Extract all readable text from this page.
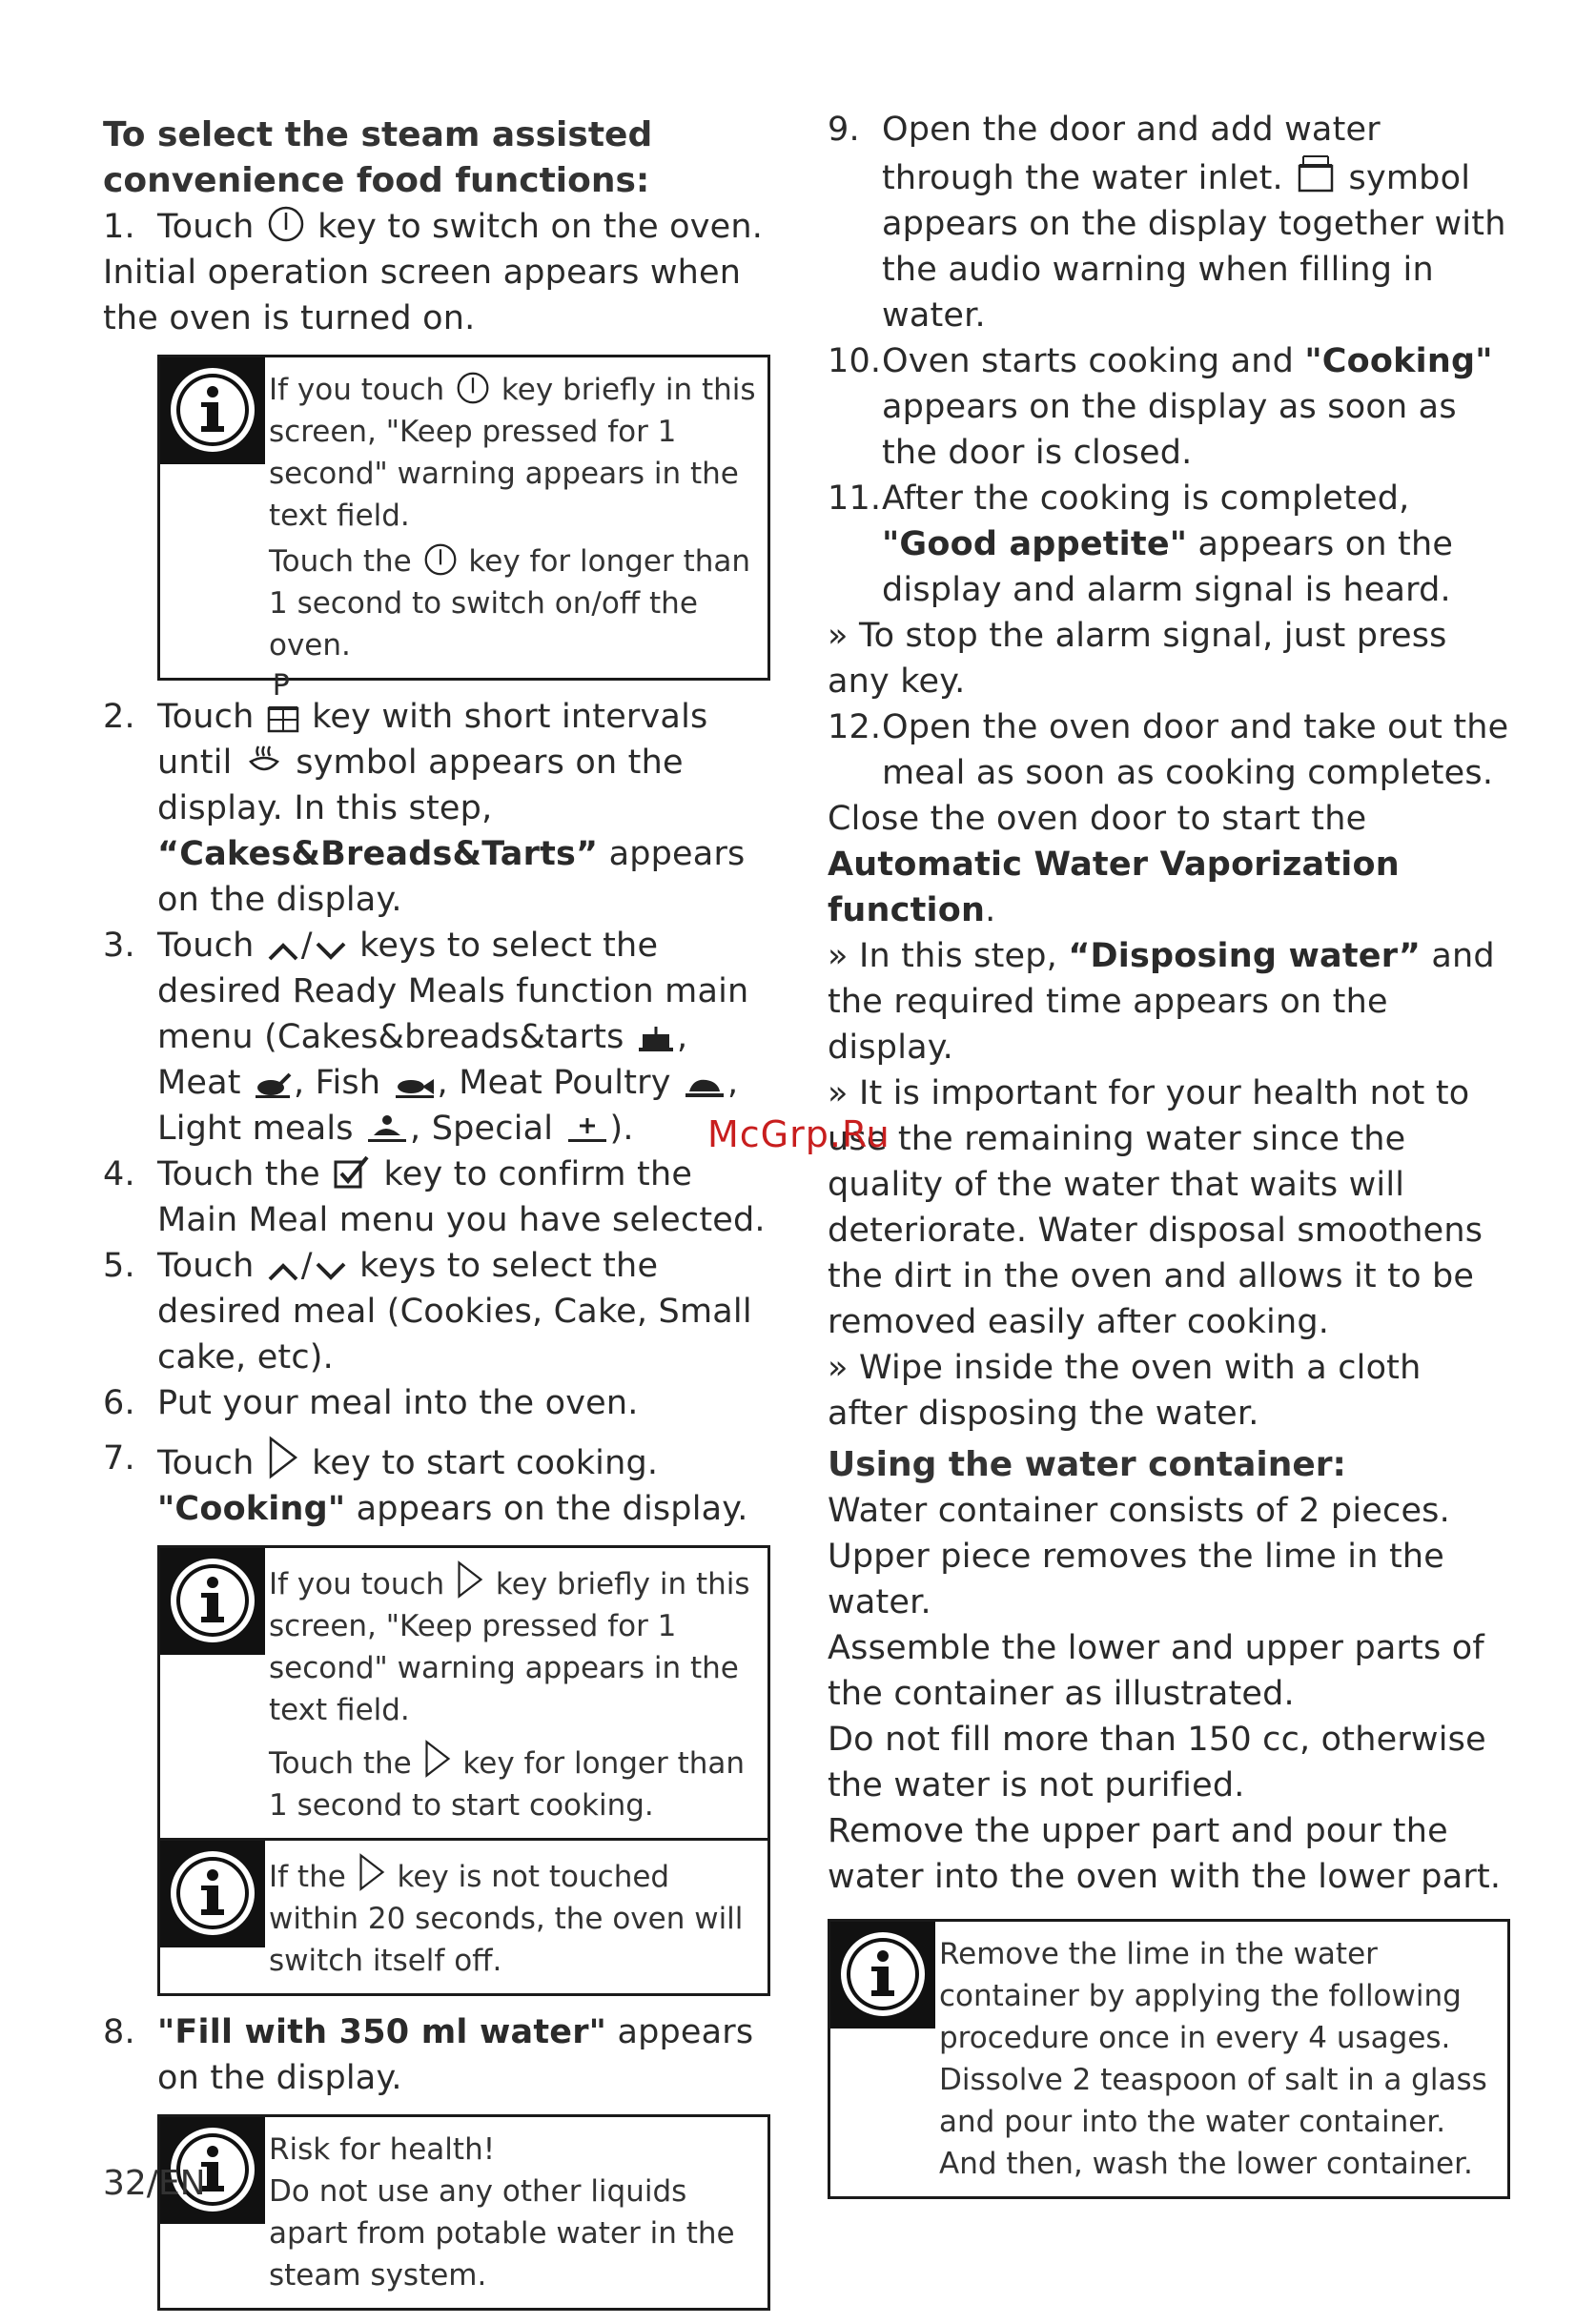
To select the steam assisted
convenience food functions:
1. Touch key to switch on the oven.
Initial operation screen appears when the oven is turned on.

If you touch key briefly in this screen, "Keep pressed for 1 second" warning appears in the text field.

Touch the key for longer than 1 second to switch on/off the oven.

2. Touch
P
key with short intervals until symbol appears on the display. In this step, “Cakes&Breads&Tarts” appears on the display.
3. Touch / keys to select the desired Ready Meals function main menu (Cakes&breads&tarts , Meat , Fish , Meat Poultry , Light meals , Special ).
4. Touch the key to confirm the Main Meal menu you have selected.
5. Touch / keys to select the desired meal (Cookies, Cake, Small cake, etc).
6. Put your meal into the oven.
7. Touch key to start cooking.
"Cooking" appears on the display.

If you touch key briefly in this screen, "Keep pressed for 1 second" warning appears in the text field.

Touch the key for longer than 1 second to start cooking.

If the key is not touched within 20 seconds, the oven will switch itself off.

8. "Fill with 350 ml water" appears on the display.

Risk for health!

Do not use any other liquids apart from potable water in the steam system.

9. Open the door and add water through the water inlet. symbol appears on the display together with the audio warning when filling in water.
10. Oven starts cooking and "Cooking" appears on the display as soon as the door is closed.
11. After the cooking is completed, "Good appetite" appears on the display and alarm signal is heard.
» To stop the alarm signal, just press any key.
12. Open the oven door and take out the meal as soon as cooking completes.
Close the oven door to start the Automatic Water Vaporization function.
» In this step, “Disposing water” and the required time appears on the display.
» It is important for your health not to use the remaining water since the quality of the water that waits will deteriorate. Water disposal smoothens the dirt in the oven and allows it to be removed easily after cooking.
» Wipe inside the oven with a cloth after disposing the water.
Using the water container:
Water container consists of 2 pieces. Upper piece removes the lime in the water.
Assemble the lower and upper parts of the container as illustrated.
Do not fill more than 150 cc, otherwise the water is not purified.
Remove the upper part and pour the water into the oven with the lower part.
Remove the lime in the water container by applying the following procedure once in every 4 usages. Dissolve 2 teaspoon of salt in a glass and pour into the water container. And then, wash the lower container.
McGrp.Ru
32/EN
